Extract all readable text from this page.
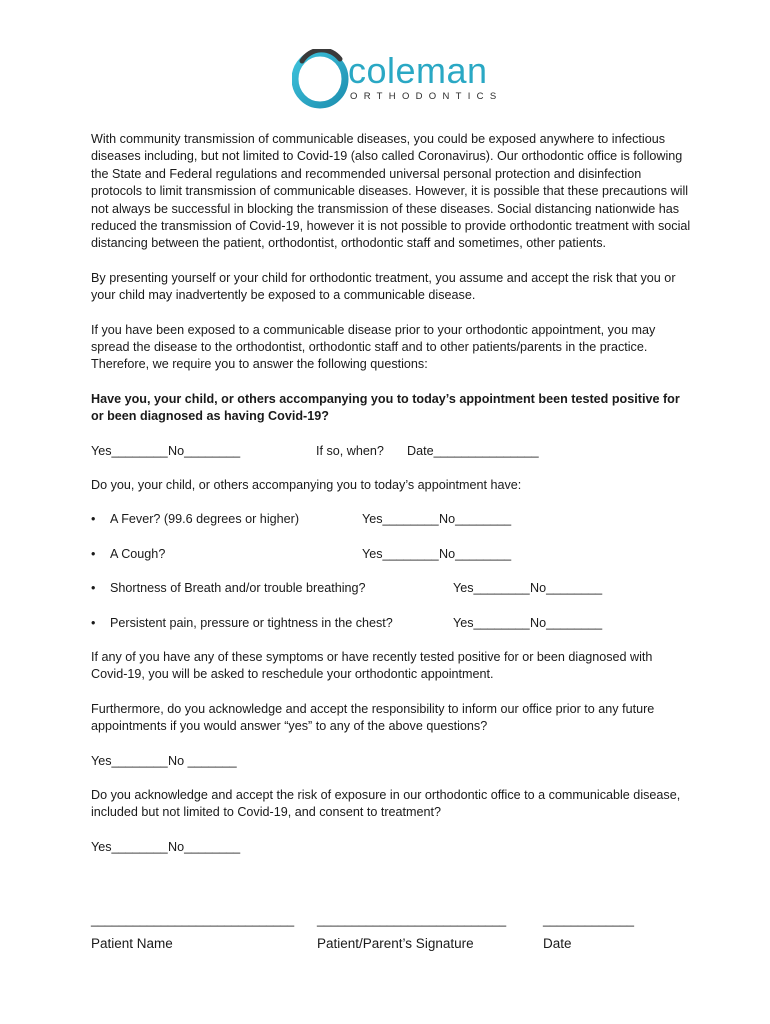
coleman
ORTHODONTICS

With community transmission of communicable diseases, you could be exposed anywhere to infectious diseases including, but not limited to Covid-19 (also called Coronavirus). Our orthodontic office is following the State and Federal regulations and recommended universal personal protection and disinfection protocols to limit transmission of communicable diseases. However, it is possible that these precautions will not always be successful in blocking the transmission of these diseases. Social distancing nationwide has reduced the transmission of Covid-19, however it is not possible to provide orthodontic treatment with social distancing between the patient, orthodontist, orthodontic staff and sometimes, other patients.

By presenting yourself or your child for orthodontic treatment, you assume and accept the risk that you or your child may inadvertently be exposed to a communicable disease.

If you have been exposed to a communicable disease prior to your orthodontic appointment, you may spread the disease to the orthodontist, orthodontic staff and to other patients/parents in the practice. Therefore, we require you to answer the following questions:

Have you, your child, or others accompanying you to today’s appointment been tested positive for or been diagnosed as having Covid-19?

Yes________ No________	If so, when? Date_______________

Do you, your child, or others accompanying you to today’s appointment have:

• A Fever? (99.6 degrees or higher)	Yes________ No________
• A Cough?	Yes________ No________
• Shortness of Breath and/or trouble breathing?	Yes________ No________
• Persistent pain, pressure or tightness in the chest?	Yes________ No________

If any of you have any of these symptoms or have recently tested positive for or been diagnosed with Covid-19, you will be asked to reschedule your orthodontic appointment.

Furthermore, do you acknowledge and accept the responsibility to inform our office prior to any future appointments if you would answer “yes” to any of the above questions?

Yes________ No _______

Do you acknowledge and accept the risk of exposure in our orthodontic office to a communicable disease, included but not limited to Covid-19, and consent to treatment?

Yes________ No________
_____________________________ ___________________________	_____________
Patient Name	Patient/Parent’s Signature	Date
